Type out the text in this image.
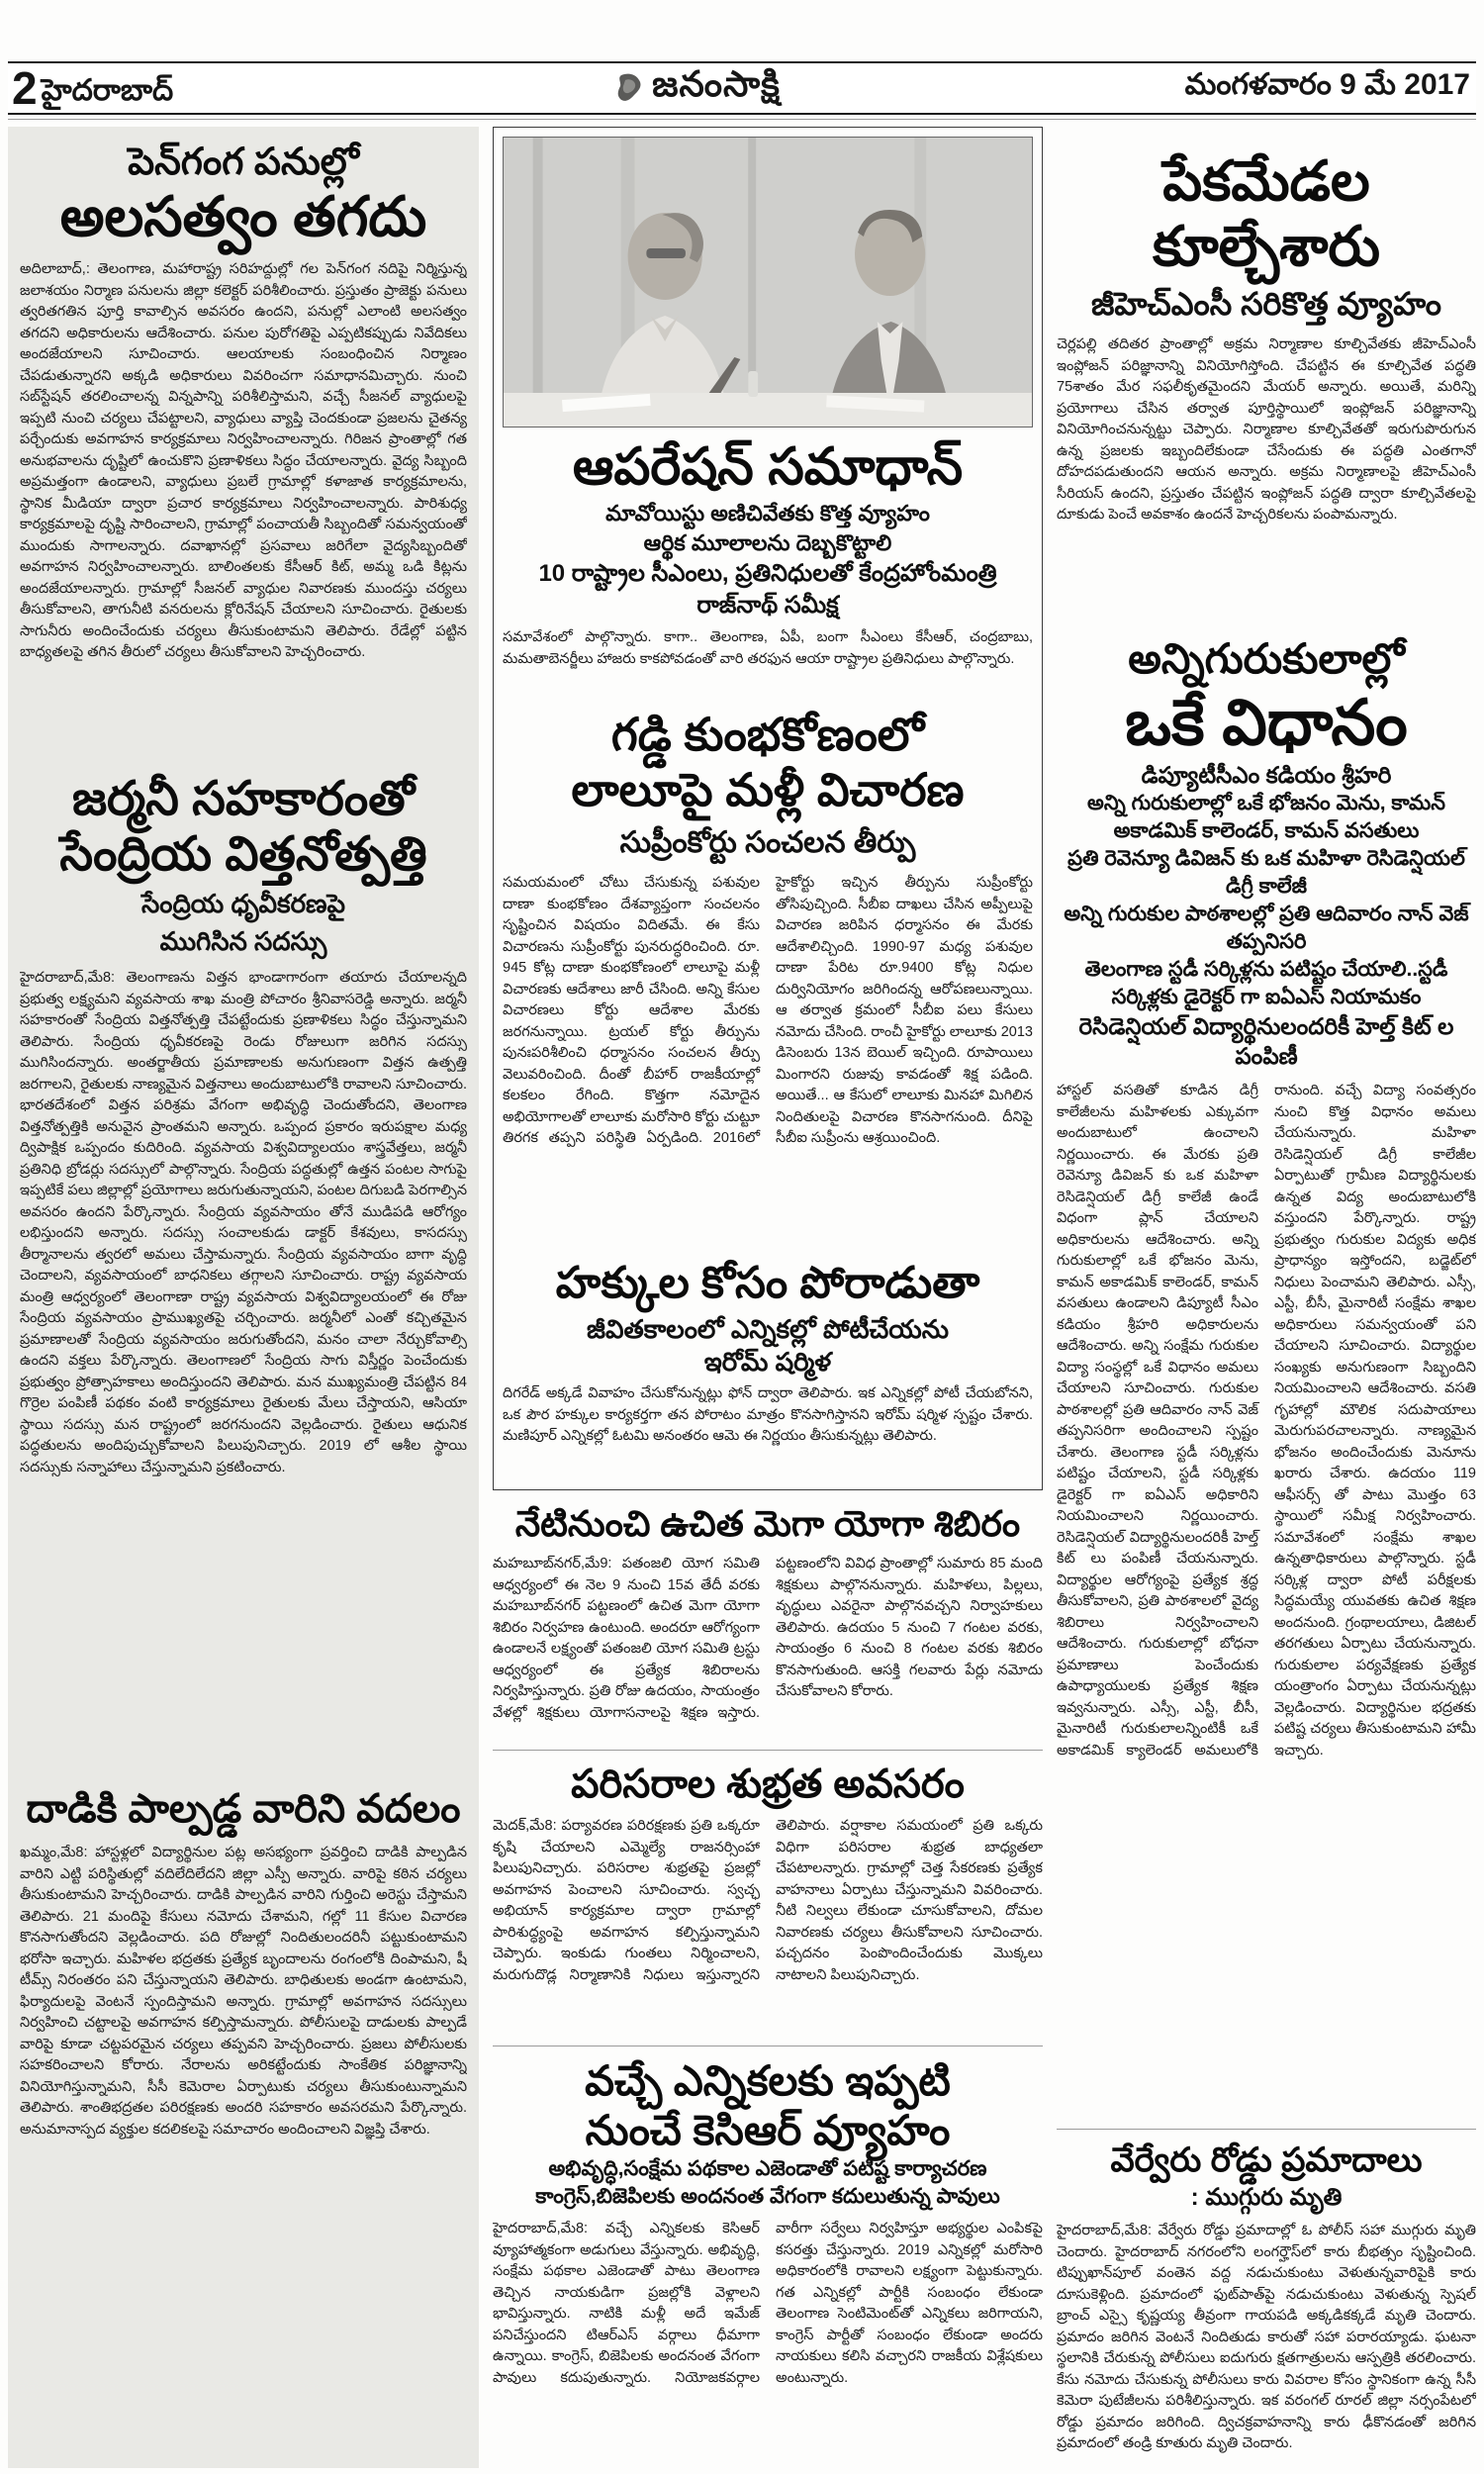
2 హైదరాబాద్	జనంసాక్షి	మంగళవారం 9 మే 2017
పెన్‌గంగ పనుల్లో
అలసత్వం తగదు
అదిలాబాద్,: తెలంగాణ, మహారాష్ట్ర సరిహద్దుల్లో గల పెన్‌గంగ నదిపై నిర్మిస్తున్న జలాశయం నిర్మాణ పనులను జిల్లా కలెక్టర్ పరిశీలించారు. ప్రస్తుతం ప్రాజెక్టు పనులు త్వరితగతిన పూర్తి కావాల్సిన అవసరం ఉందని, పనుల్లో ఎలాంటి అలసత్వం తగదని అధికారులను ఆదేశించారు. పనుల పురోగతిపై ఎప్పటికప్పుడు నివేదికలు అందజేయాలని సూచించారు. ఆలయాలకు సంబంధించిన నిర్మాణం చేపడుతున్నారని అక్కడి అధికారులు వివరించగా సమాధానమిచ్చారు. నుంచి సబ్‌స్టేషన్ తరలించాలన్న విన్నపాన్ని పరిశీలిస్తామని, వచ్చే సీజనల్ వ్యాధులపై ఇప్పటి నుంచి చర్యలు చేపట్టాలని, వ్యాధులు వ్యాప్తి చెందకుండా ప్రజలను చైతన్య పర్చేందుకు అవగాహన కార్యక్రమాలు నిర్వహించాలన్నారు. గిరిజన ప్రాంతాల్లో గత అనుభవాలను దృష్టిలో ఉంచుకొని ప్రణాళికలు సిద్ధం చేయాలన్నారు. వైద్య సిబ్బంది అప్రమత్తంగా ఉండాలని, వ్యాధులు ప్రబలే గ్రామాల్లో కళాజాత కార్యక్రమాలను, స్థానిక మీడియా ద్వారా ప్రచార కార్యక్రమాలు నిర్వహించాలన్నారు. పారిశుధ్య కార్యక్రమాలపై దృష్టి సారించాలని, గ్రామాల్లో పంచాయతీ సిబ్బందితో సమన్వయంతో ముందుకు సాగాలన్నారు. దవాఖానల్లో ప్రసవాలు జరిగేలా వైద్యసిబ్బందితో అవగాహన నిర్వహించాలన్నారు. బాలింతలకు కేసీఆర్ కిట్, అమ్మ ఒడి కిట్లను అందజేయాలన్నారు. గ్రామాల్లో సీజనల్ వ్యాధుల నివారణకు ముందస్తు చర్యలు తీసుకోవాలని, తాగునీటి వనరులను క్లోరినేషన్ చేయాలని సూచించారు. రైతులకు సాగునీరు అందించేందుకు చర్యలు తీసుకుంటామని తెలిపారు. రేడేల్లో పట్టిన బాధ్యతలపై తగిన తీరులో చర్యలు తీసుకోవాలని హెచ్చరించారు.
జర్మనీ సహకారంతో
సేంద్రియ విత్తనోత్పత్తి
సేంద్రియ ధృవీకరణపై
ముగిసిన సదస్సు
హైదరాబాద్,మే8: తెలంగాణను విత్తన భాండాగారంగా తయారు చేయాలన్నది ప్రభుత్వ లక్ష్యమని వ్యవసాయ శాఖ మంత్రి పోచారం శ్రీనివాసరెడ్డి అన్నారు. జర్మనీ సహకారంతో సేంద్రియ విత్తనోత్పత్తి చేపట్టేందుకు ప్రణాళికలు సిద్ధం చేస్తున్నామని తెలిపారు. సేంద్రియ ధృవీకరణపై రెండు రోజులుగా జరిగిన సదస్సు ముగిసిందన్నారు. అంతర్జాతీయ ప్రమాణాలకు అనుగుణంగా విత్తన ఉత్పత్తి జరగాలని, రైతులకు నాణ్యమైన విత్తనాలు అందుబాటులోకి రావాలని సూచించారు. భారతదేశంలో విత్తన పరిశ్రమ వేగంగా అభివృద్ధి చెందుతోందని, తెలంగాణ విత్తనోత్పత్తికి అనువైన ప్రాంతమని అన్నారు. ఒప్పంద ప్రకారం ఇరుపక్షాల మధ్య ద్విపాక్షిక ఒప్పందం కుదిరింది. వ్యవసాయ విశ్వవిద్యాలయం శాస్త్రవేత్తలు, జర్మనీ ప్రతినిధి బ్రోడర్లు సదస్సులో పాల్గొన్నారు. సేంద్రియ పద్ధతుల్లో ఉత్తన పంటల సాగుపై ఇప్పటికే పలు జిల్లాల్లో ప్రయోగాలు జరుగుతున్నాయని, పంటల దిగుబడి పెరగాల్సిన అవసరం ఉందని పేర్కొన్నారు. సేంద్రియ వ్యవసాయం తోనే ముడిపడి ఆరోగ్యం లభిస్తుందని అన్నారు. సదస్సు సంచాలకుడు డాక్టర్ కేశవులు, కాసదస్సు తీర్మానాలను త్వరలో అమలు చేస్తామన్నారు. సేంద్రియ వ్యవసాయం బాగా వృద్ధి చెందాలని, వ్యవసాయంలో బాధనికలు తగ్గాలని సూచించారు. రాష్ట్ర వ్యవసాయ మంత్రి ఆధ్వర్యంలో తెలంగాణా రాష్ట్ర వ్యవసాయ విశ్వవిద్యాలయంలో ఈ రోజు సేంద్రియ వ్యవసాయం ప్రాముఖ్యతపై చర్చించారు. జర్మనీలో ఎంతో కచ్చితమైన ప్రమాణాలతో సేంద్రియ వ్యవసాయం జరుగుతోందని, మనం చాలా నేర్చుకోవాల్సి ఉందని వక్తలు పేర్కొన్నారు. తెలంగాణలో సేంద్రియ సాగు విస్తీర్ణం పెంచేందుకు ప్రభుత్వం ప్రోత్సాహకాలు అందిస్తుందని తెలిపారు. మన ముఖ్యమంత్రి చేపట్టిన 84 గొర్రెల పంపిణీ పథకం వంటి కార్యక్రమాలు రైతులకు మేలు చేస్తాయని, ఆసియా స్థాయి సదస్సు మన రాష్ట్రంలో జరగనుందని వెల్లడించారు. రైతులు ఆధునిక పద్ధతులను అందిపుచ్చుకోవాలని పిలుపునిచ్చారు. 2019 లో ఆశీల స్థాయి సదస్సుకు సన్నాహాలు చేస్తున్నామని ప్రకటించారు.
దాడికి పాల్పడ్డ వారిని వదలం
ఖమ్మం,మే8: హాస్టళ్లలో విద్యార్థినుల పట్ల అసభ్యంగా ప్రవర్తించి దాడికి పాల్పడిన వారిని ఎట్టి పరిస్థితుల్లో వదిలేదిలేదని జిల్లా ఎస్పీ అన్నారు. వారిపై కఠిన చర్యలు తీసుకుంటామని హెచ్చరించారు. దాడికి పాల్పడిన వారిని గుర్తించి అరెస్టు చేస్తామని తెలిపారు. 21 మందిపై కేసులు నమోదు చేశామని, గల్లో 11 కేసుల విచారణ కొనసాగుతోందని వెల్లడించారు. పది రోజుల్లో నిందితులందరినీ పట్టుకుంటామని భరోసా ఇచ్చారు. మహిళల భద్రతకు ప్రత్యేక బృందాలను రంగంలోకి దింపామని, షీ టీమ్స్ నిరంతరం పని చేస్తున్నాయని తెలిపారు. బాధితులకు అండగా ఉంటామని, ఫిర్యాదులపై వెంటనే స్పందిస్తామని అన్నారు. గ్రామాల్లో అవగాహన సదస్సులు నిర్వహించి చట్టాలపై అవగాహన కల్పిస్తామన్నారు. పోలీసులపై దాడులకు పాల్పడే వారిపై కూడా చట్టపరమైన చర్యలు తప్పవని హెచ్చరించారు. ప్రజలు పోలీసులకు సహకరించాలని కోరారు. నేరాలను అరికట్టేందుకు సాంకేతిక పరిజ్ఞానాన్ని వినియోగిస్తున్నామని, సీసీ కెమెరాల ఏర్పాటుకు చర్యలు తీసుకుంటున్నామని తెలిపారు. శాంతిభద్రతల పరిరక్షణకు అందరి సహకారం అవసరమని పేర్కొన్నారు. అనుమానాస్పద వ్యక్తుల కదలికలపై సమాచారం అందించాలని విజ్ఞప్తి చేశారు.
ఆపరేషన్ సమాధాన్
మావోయిస్టు అణిచివేతకు కొత్త వ్యూహం
ఆర్థిక మూలాలను దెబ్బకొట్టాలి
10 రాష్ట్రాల సీఎంలు, ప్రతినిధులతో కేంద్రహోంమంత్రి రాజ్‌నాథ్ సమీక్ష
సమావేశంలో పాల్గొన్నారు. కాగా.. తెలంగాణ, ఏపీ, బంగా సీఎంలు కేసీఆర్, చంద్రబాబు, మమతాబెనర్జీలు హాజరు కాకపోవడంతో వారి తరఫున ఆయా రాష్ట్రాల ప్రతినిధులు పాల్గొన్నారు.
గడ్డి కుంభకోణంలో
లాలూపై మళ్లీ విచారణ
సుప్రీంకోర్టు సంచలన తీర్పు
సమయమంలో చోటు చేసుకున్న పశువుల దాణా కుంభకోణం దేశవ్యాప్తంగా సంచలనం సృష్టించిన విషయం విదితమే. ఈ కేసు విచారణను సుప్రీంకోర్టు పునరుద్ధరించింది. రూ. 945 కోట్ల దాణా కుంభకోణంలో లాలూపై మళ్లీ విచారణకు ఆదేశాలు జారీ చేసింది. అన్ని కేసుల విచారణలు కోర్టు ఆదేశాల మేరకు జరగనున్నాయి. ట్రయల్ కోర్టు తీర్పును పునఃపరిశీలించి ధర్మాసనం సంచలన తీర్పు వెలువరించింది. దీంతో బీహార్ రాజకీయాల్లో కలకలం రేగింది. కొత్తగా నమోదైన అభియోగాలతో లాలూకు మరోసారి కోర్టు చుట్టూ తిరగక తప్పని పరిస్థితి ఏర్పడింది. 2016లో హైకోర్టు ఇచ్చిన తీర్పును సుప్రీంకోర్టు తోసిపుచ్చింది. సీబీఐ దాఖలు చేసిన అప్పీలుపై విచారణ జరిపిన ధర్మాసనం ఈ మేరకు ఆదేశాలిచ్చింది. 1990-97 మధ్య పశువుల దాణా పేరిట రూ.9400 కోట్ల నిధుల దుర్వినియోగం జరిగిందన్న ఆరోపణలున్నాయి. ఆ తర్వాత క్రమంలో సీబీఐ పలు కేసులు నమోదు చేసింది. రాంచీ హైకోర్టు లాలూకు 2013 డిసెంబరు 13న బెయిల్ ఇచ్చింది. రూపాయిలు మింగారని రుజువు కావడంతో శిక్ష పడింది. అయితే... ఆ కేసులో లాలూకు మినహా మిగిలిన నిందితులపై విచారణ కొనసాగనుంది. దీనిపై సీబీఐ సుప్రీంను ఆశ్రయించింది.
హక్కుల కోసం పోరాడుతా
జీవితకాలంలో ఎన్నికల్లో పోటీచేయను
ఇరోమ్ షర్మిళ
దిగరేడ్ అక్కడే వివాహం చేసుకోనున్నట్లు ఫోన్ ద్వారా తెలిపారు. ఇక ఎన్నికల్లో పోటీ చేయబోనని, ఒక పౌర హక్కుల కార్యకర్తగా తన పోరాటం మాత్రం కొనసాగిస్తానని ఇరోమ్ షర్మిళ స్పష్టం చేశారు. మణిపూర్ ఎన్నికల్లో ఓటమి అనంతరం ఆమె ఈ నిర్ణయం తీసుకున్నట్లు తెలిపారు.
నేటినుంచి ఉచిత మెగా యోగా శిబిరం
మహబూబ్‌నగర్,మే9: పతంజలి యోగ సమితి ఆధ్వర్యంలో ఈ నెల 9 నుంచి 15వ తేదీ వరకు మహబూబ్‌నగర్ పట్టణంలో ఉచిత మెగా యోగా శిబిరం నిర్వహణ ఉంటుంది. అందరూ ఆరోగ్యంగా ఉండాలనే లక్ష్యంతో పతంజలి యోగ సమితి ట్రస్టు ఆధ్వర్యంలో ఈ ప్రత్యేక శిబిరాలను నిర్వహిస్తున్నారు. ప్రతి రోజు ఉదయం, సాయంత్రం వేళల్లో శిక్షకులు యోగాసనాలపై శిక్షణ ఇస్తారు. పట్టణంలోని వివిధ ప్రాంతాల్లో సుమారు 85 మంది శిక్షకులు పాల్గొననున్నారు. మహిళలు, పిల్లలు, వృద్ధులు ఎవరైనా పాల్గొనవచ్చని నిర్వాహకులు తెలిపారు. ఉదయం 5 నుంచి 7 గంటల వరకు, సాయంత్రం 6 నుంచి 8 గంటల వరకు శిబిరం కొనసాగుతుంది. ఆసక్తి గలవారు పేర్లు నమోదు చేసుకోవాలని కోరారు.
పరిసరాల శుభ్రత అవసరం
మెదక్,మే8: పర్యావరణ పరిరక్షణకు ప్రతి ఒక్కరూ కృషి చేయాలని ఎమ్మెల్యే రాజనర్సింహా పిలుపునిచ్చారు. పరిసరాల శుభ్రతపై ప్రజల్లో అవగాహన పెంచాలని సూచించారు. స్వచ్ఛ అభియాన్ కార్యక్రమాల ద్వారా గ్రామాల్లో పారిశుద్ధ్యంపై అవగాహన కల్పిస్తున్నామని చెప్పారు. ఇంకుడు గుంతలు నిర్మించాలని, మరుగుదొడ్ల నిర్మాణానికి నిధులు ఇస్తున్నారని తెలిపారు. వర్షాకాల సమయంలో ప్రతి ఒక్కరు విధిగా పరిసరాల శుభ్రత బాధ్యతలా చేపటాలన్నారు. గ్రామాల్లో చెత్త సేకరణకు ప్రత్యేక వాహనాలు ఏర్పాటు చేస్తున్నామని వివరించారు. నీటి నిల్వలు లేకుండా చూసుకోవాలని, దోమల నివారణకు చర్యలు తీసుకోవాలని సూచించారు. పచ్చదనం పెంపొందించేందుకు మొక్కలు నాటాలని పిలుపునిచ్చారు.
వచ్చే ఎన్నికలకు ఇప్పటి
నుంచే కెసిఆర్ వ్యూహం
అభివృద్ధి,సంక్షేమ పథకాల ఎజెండాతో పటిష్ట కార్యాచరణ
కాంగ్రెస్,బిజెపిలకు అందనంత వేగంగా కదులుతున్న పావులు
హైదరాబాద్,మే8: వచ్చే ఎన్నికలకు కెసిఆర్ వ్యూహాత్మకంగా అడుగులు వేస్తున్నారు. అభివృద్ధి, సంక్షేమ పథకాల ఎజెండాతో పాటు తెలంగాణ తెచ్చిన నాయకుడిగా ప్రజల్లోకి వెళ్లాలని భావిస్తున్నారు. నాటికి మళ్లీ అదే ఇమేజ్ పనిచేస్తుందని టిఆర్ఎస్ వర్గాలు ధీమాగా ఉన్నాయి. కాంగ్రెస్, బిజెపిలకు అందనంత వేగంగా పావులు కదుపుతున్నారు. నియోజకవర్గాల వారీగా సర్వేలు నిర్వహిస్తూ అభ్యర్థుల ఎంపికపై కసరత్తు చేస్తున్నారు. 2019 ఎన్నికల్లో మరోసారి అధికారంలోకి రావాలని లక్ష్యంగా పెట్టుకున్నారు. గత ఎన్నికల్లో పార్టీకి సంబంధం లేకుండా తెలంగాణ సెంటిమెంట్‌తో ఎన్నికలు జరిగాయని, కాంగ్రెస్ పార్టీతో సంబంధం లేకుండా అందరు నాయకులు కలిసి వచ్చారని రాజకీయ విశ్లేషకులు అంటున్నారు.
పేకమేడల కూల్చేశారు
జీహెచ్ఎంసీ సరికొత్త వ్యూహం
చెర్లపల్లి తదితర ప్రాంతాల్లో అక్రమ నిర్మాణాల కూల్చివేతకు జీహెచ్ఎంసీ ఇంప్లోజన్ పరిజ్ఞానాన్ని వినియోగిస్తోంది. చేపట్టిన ఈ కూల్చివేత పద్ధతి 75శాతం మేర సఫలీకృతమైందని మేయర్ అన్నారు. అయితే, మరిన్ని ప్రయోగాలు చేసిన తర్వాత పూర్తిస్థాయిలో ఇంప్లోజన్ పరిజ్ఞానాన్ని వినియోగించనున్నట్టు చెప్పారు. నిర్మాణాల కూల్చివేతతో ఇరుగుపొరుగున ఉన్న ప్రజలకు ఇబ్బందిలేకుండా చేసేందుకు ఈ పద్ధతి ఎంతగానో దోహదపడుతుందని ఆయన అన్నారు. అక్రమ నిర్మాణాలపై జీహెచ్ఎంసీ సీరియస్ ఉందని, ప్రస్తుతం చేపట్టిన ఇంప్లోజన్ పద్ధతి ద్వారా కూల్చివేతలపై దూకుడు పెంచే అవకాశం ఉందనే హెచ్చరికలను పంపామన్నారు.
అన్నిగురుకులాల్లో
ఒకే విధానం
డిప్యూటీసీఎం కడియం శ్రీహరి
అన్ని గురుకులాల్లో ఒకే భోజనం మెను, కామన్ అకాడమిక్ కాలెండర్, కామన్ వసతులు
ప్రతి రెవెన్యూ డివిజన్ కు ఒక మహిళా రెసిడెన్షియల్ డిగ్రీ కాలేజీ
అన్ని గురుకుల పాఠశాలల్లో ప్రతి ఆదివారం నాన్ వెజ్ తప్పనిసరి
తెలంగాణ స్టడీ సర్కిళ్లను పటిష్టం చేయాలి..స్టడీ సర్కిళ్లకు డైరెక్టర్ గా ఐఏఎస్ నియామకం
రెసిడెన్షియల్ విద్యార్థినులందరికీ హెల్త్ కిట్ ల పంపిణీ
హాస్టల్ వసతితో కూడిన డిగ్రీ కాలేజీలను మహిళలకు ఎక్కువగా అందుబాటులో ఉంచాలని నిర్ణయించారు. ఈ మేరకు ప్రతి రెవెన్యూ డివిజన్ కు ఒక మహిళా రెసిడెన్షియల్ డిగ్రీ కాలేజీ ఉండే విధంగా ప్లాన్ చేయాలని అధికారులను ఆదేశించారు. అన్ని గురుకులాల్లో ఒకే భోజనం మెను, కామన్ అకాడమిక్ కాలెండర్, కామన్ వసతులు ఉండాలని డిప్యూటీ సీఎం కడియం శ్రీహరి అధికారులను ఆదేశించారు. అన్ని సంక్షేమ గురుకుల విద్యా సంస్థల్లో ఒకే విధానం అమలు చేయాలని సూచించారు. గురుకుల పాఠశాలల్లో ప్రతి ఆదివారం నాన్ వెజ్ తప్పనిసరిగా అందించాలని స్పష్టం చేశారు. తెలంగాణ స్టడీ సర్కిళ్లను పటిష్టం చేయాలని, స్టడీ సర్కిళ్లకు డైరెక్టర్ గా ఐఏఎస్ అధికారిని నియమించాలని నిర్ణయించారు. రెసిడెన్షియల్ విద్యార్థినులందరికీ హెల్త్ కిట్ లు పంపిణీ చేయనున్నారు. విద్యార్థుల ఆరోగ్యంపై ప్రత్యేక శ్రద్ధ తీసుకోవాలని, ప్రతి పాఠశాలలో వైద్య శిబిరాలు నిర్వహించాలని ఆదేశించారు. గురుకులాల్లో బోధనా ప్రమాణాలు పెంచేందుకు ఉపాధ్యాయులకు ప్రత్యేక శిక్షణ ఇవ్వనున్నారు. ఎస్సీ, ఎస్టీ, బీసీ, మైనారిటీ గురుకులాలన్నింటికీ ఒకే అకాడమిక్ క్యాలెండర్ అమలులోకి రానుంది. వచ్చే విద్యా సంవత్సరం నుంచి కొత్త విధానం అమలు చేయనున్నారు. మహిళా రెసిడెన్షియల్ డిగ్రీ కాలేజీల ఏర్పాటుతో గ్రామీణ విద్యార్థినులకు ఉన్నత విద్య అందుబాటులోకి వస్తుందని పేర్కొన్నారు. రాష్ట్ర ప్రభుత్వం గురుకుల విద్యకు అధిక ప్రాధాన్యం ఇస్తోందని, బడ్జెట్‌లో నిధులు పెంచామని తెలిపారు. ఎస్సీ, ఎస్టీ, బీసీ, మైనారిటీ సంక్షేమ శాఖల అధికారులు సమన్వయంతో పని చేయాలని సూచించారు. విద్యార్థుల సంఖ్యకు అనుగుణంగా సిబ్బందిని నియమించాలని ఆదేశించారు. వసతి గృహాల్లో మౌలిక సదుపాయాలు మెరుగుపరచాలన్నారు. నాణ్యమైన భోజనం అందించేందుకు మెనూను ఖరారు చేశారు. ఉదయం 119 ఆఫీసర్స్ తో పాటు మొత్తం 63 స్థాయిలో సమీక్ష నిర్వహించారు. సమావేశంలో సంక్షేమ శాఖల ఉన్నతాధికారులు పాల్గొన్నారు. స్టడీ సర్కిళ్ల ద్వారా పోటీ పరీక్షలకు సిద్ధమయ్యే యువతకు ఉచిత శిక్షణ అందనుంది. గ్రంథాలయాలు, డిజిటల్ తరగతులు ఏర్పాటు చేయనున్నారు. గురుకులాల పర్యవేక్షణకు ప్రత్యేక యంత్రాంగం ఏర్పాటు చేయనున్నట్లు వెల్లడించారు. విద్యార్థినుల భద్రతకు పటిష్ట చర్యలు తీసుకుంటామని హామీ ఇచ్చారు.
వేర్వేరు రోడ్డు ప్రమాదాలు
: ముగ్గురు మృతి
హైదరాబాద్,మే8: వేర్వేరు రోడ్డు ప్రమాదాల్లో ఓ పోలీస్ సహా ముగ్గురు మృతి చెందారు. హైదరాబాద్ నగరంలోని లంగర్హౌస్‌లో కారు బీభత్సం సృష్టించింది. టిప్పుఖాన్‌పూల్ వంతెన వద్ద నడుచుకుంటు వెళుతున్నవారిపైకి కారు దూసుకెళ్లింది. ప్రమాదంలో ఫుట్‌పాత్‌పై నడుచుకుంటు వెళుతున్న స్పెషల్ బ్రాంచ్ ఎస్సై కృష్ణయ్య తీవ్రంగా గాయపడి అక్కడికక్కడే మృతి చెందారు. ప్రమాదం జరిగిన వెంటనే నిందితుడు కారుతో సహా పరారయ్యాడు. ఘటనా స్థలానికి చేరుకున్న పోలీసులు ఐదుగురు క్షతగాత్రులను ఆస్పత్రికి తరలించారు. కేసు నమోదు చేసుకున్న పోలీసులు కారు వివరాల కోసం స్థానికంగా ఉన్న సీసీ కెమెరా పుటేజీలను పరిశీలిస్తున్నారు. ఇక వరంగల్ రూరల్ జిల్లా నర్సంపేటలో రోడ్డు ప్రమాదం జరిగింది. ద్విచక్రవాహనాన్ని కారు ఢీకొనడంతో జరిగిన ప్రమాదంలో తండ్రి కూతురు మృతి చెందారు.
